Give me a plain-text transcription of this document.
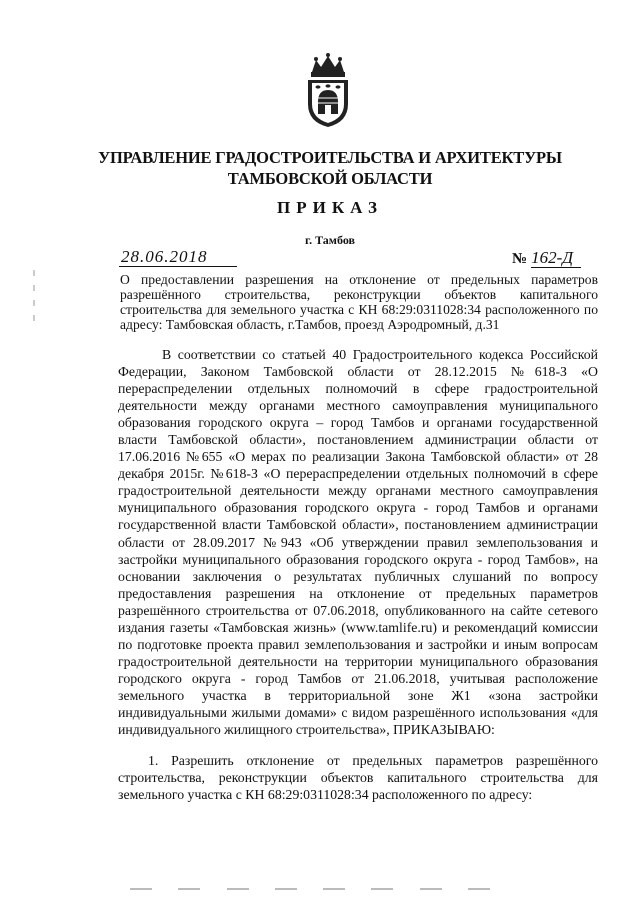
УПРАВЛЕНИЕ ГРАДОСТРОИТЕЛЬСТВА И АРХИТЕКТУРЫ
ТАМБОВСКОЙ ОБЛАСТИ
ПРИКАЗ
г. Тамбов
28.06.2018	№ 162-Д
О предоставлении разрешения на отклонение от предельных параметров разрешённого строительства, реконструкции объектов капитального строительства для земельного участка с КН 68:29:0311028:34 расположенного по адресу: Тамбовская область, г.Тамбов, проезд Аэродромный, д.31

В соответствии со статьей 40 Градостроительного кодекса Российской Федерации, Законом Тамбовской области от 28.12.2015 №618-З «О перераспределении отдельных полномочий в сфере градостроительной деятельности между органами местного самоуправления муниципального образования городского округа – город Тамбов и органами государственной власти Тамбовской области», постановлением администрации области от 17.06.2016 №655 «О мерах по реализации Закона Тамбовской области» от 28 декабря 2015г. №618-З «О перераспределении отдельных полномочий в сфере градостроительной деятельности между органами местного самоуправления муниципального образования городского округа - город Тамбов и органами государственной власти Тамбовской области», постановлением администрации области от 28.09.2017 №943 «Об утверждении правил землепользования и застройки муниципального образования городского округа - город Тамбов», на основании заключения о результатах публичных слушаний по вопросу предоставления разрешения на отклонение от предельных параметров разрешённого строительства от 07.06.2018, опубликованного на сайте сетевого издания газеты «Тамбовская жизнь» (www.tamlife.ru) и рекомендаций комиссии по подготовке проекта правил землепользования и застройки и иным вопросам градостроительной деятельности на территории муниципального образования городского округа - город Тамбов от 21.06.2018, учитывая расположение земельного участка в территориальной зоне Ж1 «зона застройки индивидуальными жилыми домами» с видом разрешённого использования «для индивидуального жилищного строительства», ПРИКАЗЫВАЮ:

1. Разрешить отклонение от предельных параметров разрешённого строительства, реконструкции объектов капитального строительства для земельного участка с КН 68:29:0311028:34 расположенного по адресу:
